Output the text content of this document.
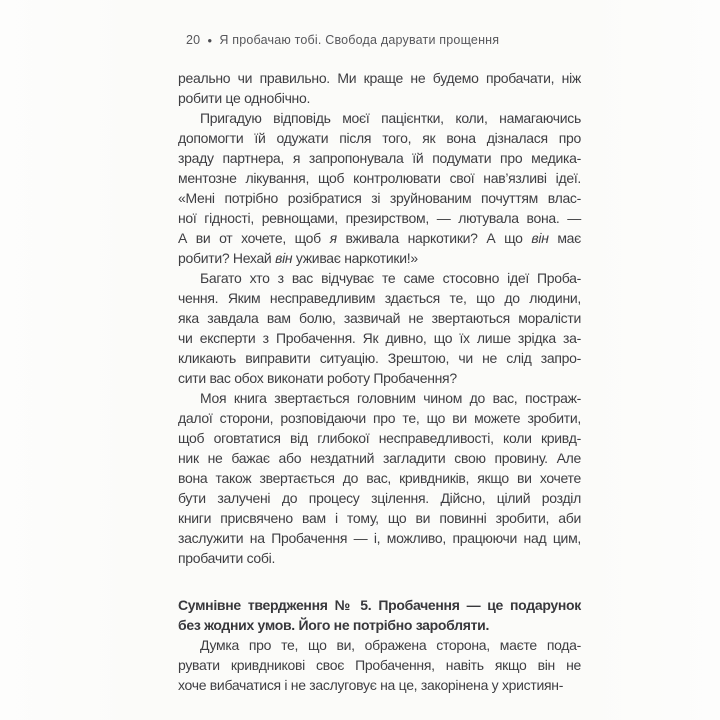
20 ● Я пробачаю тобі. Свобода дарувати прощення
реально чи правильно. Ми краще не будемо пробачати, ніж
робити це однобічно.
Пригадую відповідь моєї пацієнтки, коли, намагаючись
допомогти їй одужати після того, як вона дізналася про
зраду партнера, я запропонувала їй подумати про медика-
ментозне лікування, щоб контролювати свої нав’язливі ідеї.
«Мені потрібно розібратися зі зруйнованим почуттям влас-
ної гідності, ревнощами, презирством, — лютувала вона. —
А ви от хочете, щоб я вживала наркотики? А що він має
робити? Нехай він уживає наркотики!»
Багато хто з вас відчуває те саме стосовно ідеї Проба-
чення. Яким несправедливим здається те, що до людини,
яка завдала вам болю, зазвичай не звертаються моралісти
чи експерти з Пробачення. Як дивно, що їх лише зрідка за-
кликають виправити ситуацію. Зрештою, чи не слід запро-
сити вас обох виконати роботу Пробачення?
Моя книга звертається головним чином до вас, постраж-
далої сторони, розповідаючи про те, що ви можете зробити,
щоб оговтатися від глибокої несправедливості, коли кривд-
ник не бажає або нездатний загладити свою провину. Але
вона також звертається до вас, кривдників, якщо ви хочете
бути залучені до процесу зцілення. Дійсно, цілий розділ
книги присвячено вам і тому, що ви повинні зробити, аби
заслужити на Пробачення — і, можливо, працюючи над цим,
пробачити собі.
Сумнівне твердження № 5. Пробачення — це подарунок
без жодних умов. Його не потрібно заробляти.
Думка про те, що ви, ображена сторона, маєте пода-
рувати кривдникові своє Пробачення, навіть якщо він не
хоче вибачатися і не заслуговує на це, закорінена у християн-
